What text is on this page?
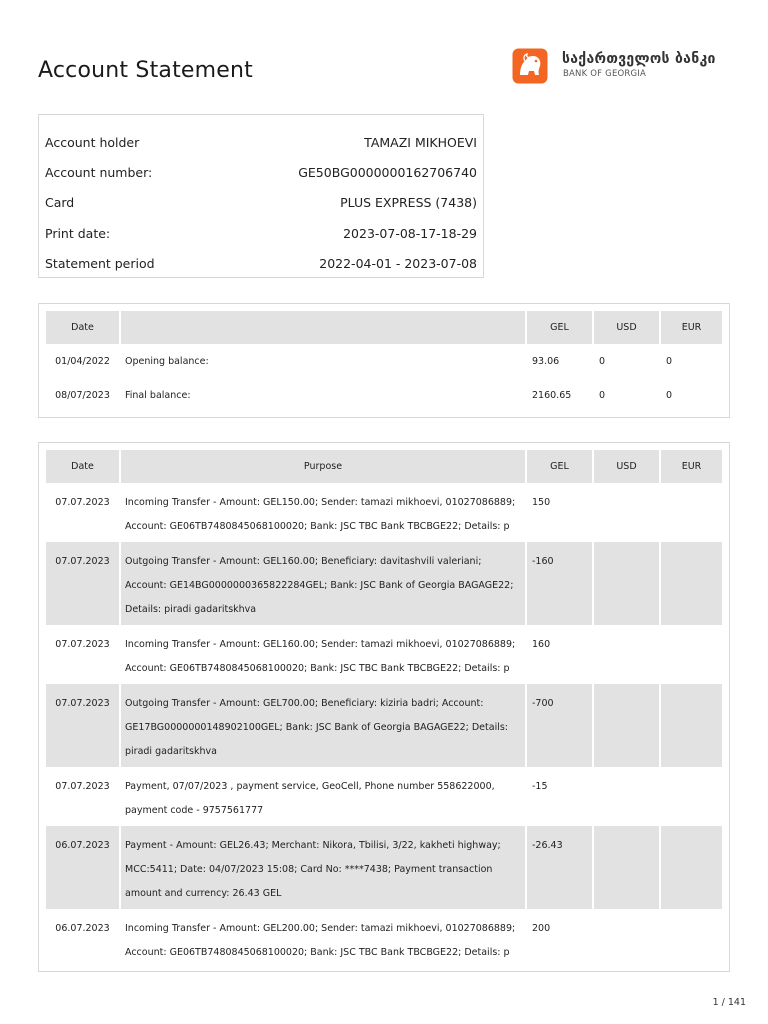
Account Statement	საქართველოს ბანკი
BANK OF GEORGIA
Account holder	TAMAZI MIKHOEVI
Account number:	GE50BG0000000162706740
Card	PLUS EXPRESS (7438)
Print date:	2023-07-08-17-18-29
Statement period	2022-04-01 - 2023-07-08
Date		GEL	USD	EUR
01/04/2022	Opening balance:	93.06	0	0
08/07/2023	Final balance:	2160.65	0	0
Date	Purpose	GEL	USD	EUR
07.07.2023	Incoming Transfer - Amount: GEL150.00; Sender: tamazi mikhoevi, 01027086889; Account: GE06TB7480845068100020; Bank: JSC TBC Bank TBCBGE22; Details: p	150		
07.07.2023	Outgoing Transfer - Amount: GEL160.00; Beneficiary: davitashvili valeriani; Account: GE14BG0000000365822284GEL; Bank: JSC Bank of Georgia BAGAGE22; Details: piradi gadaritskhva	-160		
07.07.2023	Incoming Transfer - Amount: GEL160.00; Sender: tamazi mikhoevi, 01027086889; Account: GE06TB7480845068100020; Bank: JSC TBC Bank TBCBGE22; Details: p	160		
07.07.2023	Outgoing Transfer - Amount: GEL700.00; Beneficiary: kiziria badri; Account: GE17BG0000000148902100GEL; Bank: JSC Bank of Georgia BAGAGE22; Details: piradi gadaritskhva	-700		
07.07.2023	Payment, 07/07/2023 , payment service, GeoCell, Phone number 558622000, payment code - 9757561777	-15		
06.07.2023	Payment - Amount: GEL26.43; Merchant: Nikora, Tbilisi, 3/22, kakheti highway; MCC:5411; Date: 04/07/2023 15:08; Card No: ****7438; Payment transaction amount and currency: 26.43 GEL	-26.43		
06.07.2023	Incoming Transfer - Amount: GEL200.00; Sender: tamazi mikhoevi, 01027086889; Account: GE06TB7480845068100020; Bank: JSC TBC Bank TBCBGE22; Details: p	200		
1 / 141
